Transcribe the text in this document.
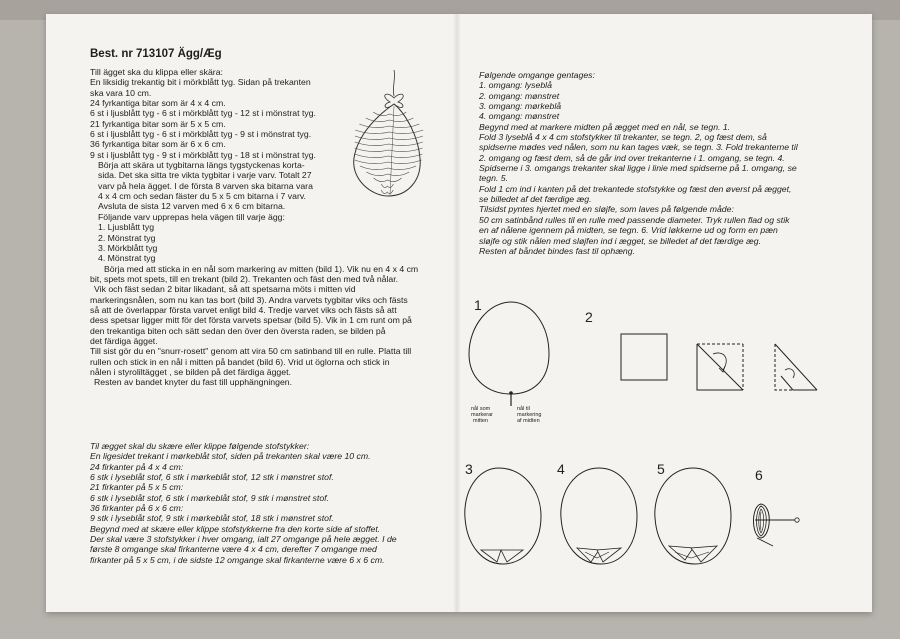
Best. nr 713107 Ägg/Æg
Till ägget ska du klippa eller skära:
En liksidig trekantig bit i mörkblått tyg. Sidan på trekanten
ska vara 10 cm.
24 fyrkantiga bitar som är 4 x 4 cm.
6 st i ljusblått tyg - 6 st i mörkblått tyg - 12 st i mönstrat tyg.
21 fyrkantiga bitar som är 5 x 5 cm.
6 st i ljusblått tyg - 6 st i mörkblått tyg - 9 st i mönstrat tyg.
36 fyrkantiga bitar som är 6 x 6 cm.
9 st i ljusblått tyg - 9 st i mörkblått tyg - 18 st i mönstrat tyg.
Börja att skära ut tygbitarna längs tygstyckenas korta-
sida. Det ska sitta tre vikta tygbitar i varje varv. Totalt 27
varv på hela ägget. I de första 8 varven ska bitarna vara
4 x 4 cm och sedan fäster du 5 x 5 cm bitarna i 7 varv.
Avsluta de sista 12 varven med 6 x 6 cm bitarna.
Följande varv upprepas hela vägen till varje ägg:
1. Ljusblått tyg
2. Mönstrat tyg
3. Mörkblått tyg
4. Mönstrat tyg
Börja med att sticka in en nål som markering av mitten (bild 1). Vik nu en 4 x 4 cm
bit, spets mot spets, till en trekant (bild 2). Trekanten och fäst den med två nålar.
Vik och fäst sedan 2 bitar likadant, så att spetsarna möts i mitten vid
markeringsnålen, som nu kan tas bort (bild 3). Andra varvets tygbitar viks och fästs
så att de överlappar första varvet enligt bild 4. Tredje varvet viks och fästs så att
dess spetsar ligger mitt för det första varvets spetsar (bild 5). Vik in 1 cm runt om på
den trekantiga biten och sätt sedan den över den översta raden, se bilden på
det färdiga ägget.
Till sist gör du en "snurr-rosett" genom att vira 50 cm satinband till en rulle. Platta till
rullen och stick in en nål i mitten på bandet (bild 6). Vrid ut öglorna och stick in
nålen i styroliltägget , se bilden på det färdiga ägget.
Resten av bandet knyter du fast till upphängningen.
Til ægget skal du skære eller klippe følgende stofstykker:
En ligesidet trekant i mørkeblåt stof, siden på trekanten skal være 10 cm.
24 firkanter på 4 x 4 cm:
6 stk i lyseblåt stof, 6 stk i mørkeblåt stof, 12 stk i mønstret stof.
21 firkanter på 5 x 5 cm:
6 stk i lyseblåt stof, 6 stk i mørkeblåt stof, 9 stk i mønstret stof.
36 firkanter på 6 x 6 cm:
9 stk i lyseblåt stof, 9 stk i mørkeblåt stof, 18 stk i mønstret stof.
Begynd med at skære eller klippe stofstykkerne fra den korte side af stoffet.
Der skal være 3 stofstykker i hver omgang, ialt 27 omgange på hele ægget. I de
første 8 omgange skal firkanterne være 4 x 4 cm, derefter 7 omgange med
firkanter på 5 x 5 cm, i de sidste 12 omgange skal firkanterne være 6 x 6 cm.
Følgende omgange gentages:
1. omgang: lyseblå
2. omgang: mønstret
3. omgang: mørkeblå
4. omgang: mønstret
Begynd med at markere midten på ægget med en nål, se tegn. 1.
Fold 3 lyseblå 4 x 4 cm stofstykker til trekanter, se tegn. 2, og fæst dem, så
spidserne mødes ved nålen, som nu kan tages væk, se tegn. 3. Fold trekanterne til
2. omgang og fæst dem, så de går ind over trekanterne i 1. omgang, se tegn. 4.
Spidserne i 3. omgangs trekanter skal ligge i linie med spidserne på 1. omgang, se
tegn. 5.
Fold 1 cm ind i kanten på det trekantede stofstykke og fæst den øverst på ægget,
se billedet af det færdige æg.
Tilsidst pyntes hjertet med en sløjfe, som laves på følgende måde:
50 cm satinbånd rulles til en rulle med passende diameter. Tryk rullen flad og stik
en af nålene igennem på midten, se tegn. 6. Vrid løkkerne ud og form en pæn
sløjfe og stik nålen med sløjfen ind i ægget, se billedet af det færdige æg.
Resten af båndet bindes fast til ophæng.
1
nål som
markerar
mitten
nål til
markering
af midten
2
3	4	5	6
